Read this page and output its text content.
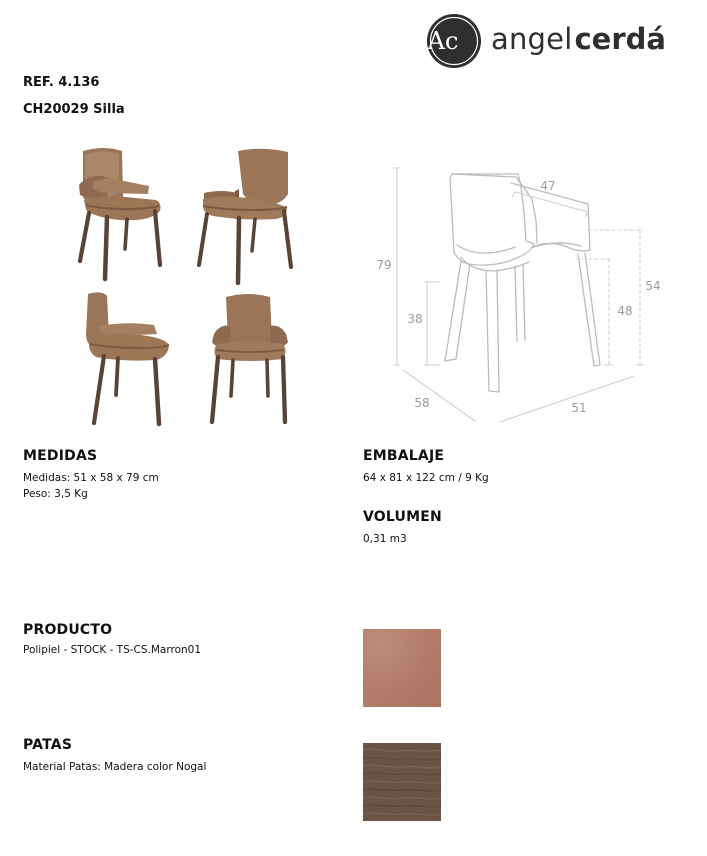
Ac angelcerdá
REF. 4.136
CH20029 Silla
47
79
54
48
38
58	51
MEDIDAS
Medidas: 51 x 58 x 79 cm
Peso: 3,5 Kg
EMBALAJE
64 x 81 x 122 cm / 9 Kg
VOLUMEN
0,31 m3
PRODUCTO
Polipiel - STOCK - TS-CS.Marron01
PATAS
Material Patas: Madera color Nogal
